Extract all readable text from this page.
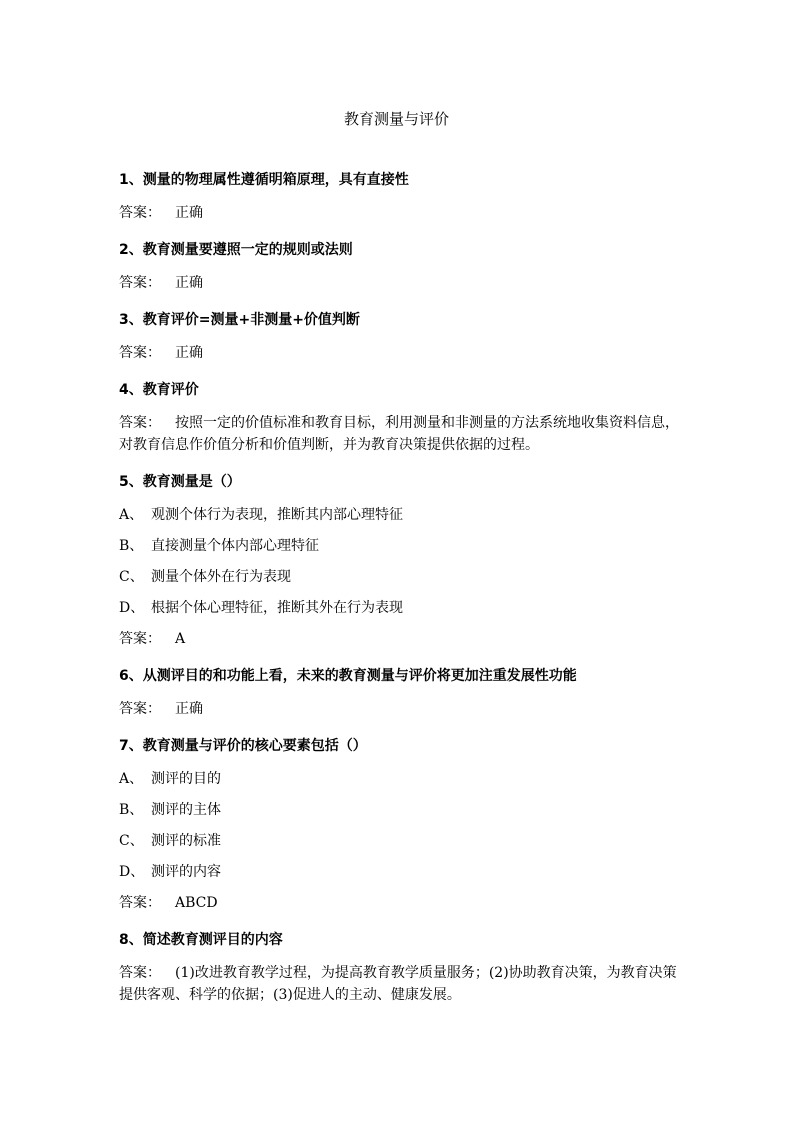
教育测量与评价
1、测量的物理属性遵循明箱原理，具有直接性
答案： 正确
2、教育测量要遵照一定的规则或法则
答案： 正确
3、教育评价=测量+非测量+价值判断
答案： 正确
4、教育评价
答案： 按照一定的价值标准和教育目标，利用测量和非测量的方法系统地收集资料信息，对教育信息作价值分析和价值判断，并为教育决策提供依据的过程。
5、教育测量是（）
A、 观测个体行为表现，推断其内部心理特征
B、 直接测量个体内部心理特征
C、 测量个体外在行为表现
D、 根据个体心理特征，推断其外在行为表现
答案： A
6、从测评目的和功能上看，未来的教育测量与评价将更加注重发展性功能
答案： 正确
7、教育测量与评价的核心要素包括（）
A、 测评的目的
B、 测评的主体
C、 测评的标准
D、 测评的内容
答案： ABCD
8、简述教育测评目的内容
答案： (1)改进教育教学过程，为提高教育教学质量服务；(2)协助教育决策，为教育决策提供客观、科学的依据；(3)促进人的主动、健康发展。
